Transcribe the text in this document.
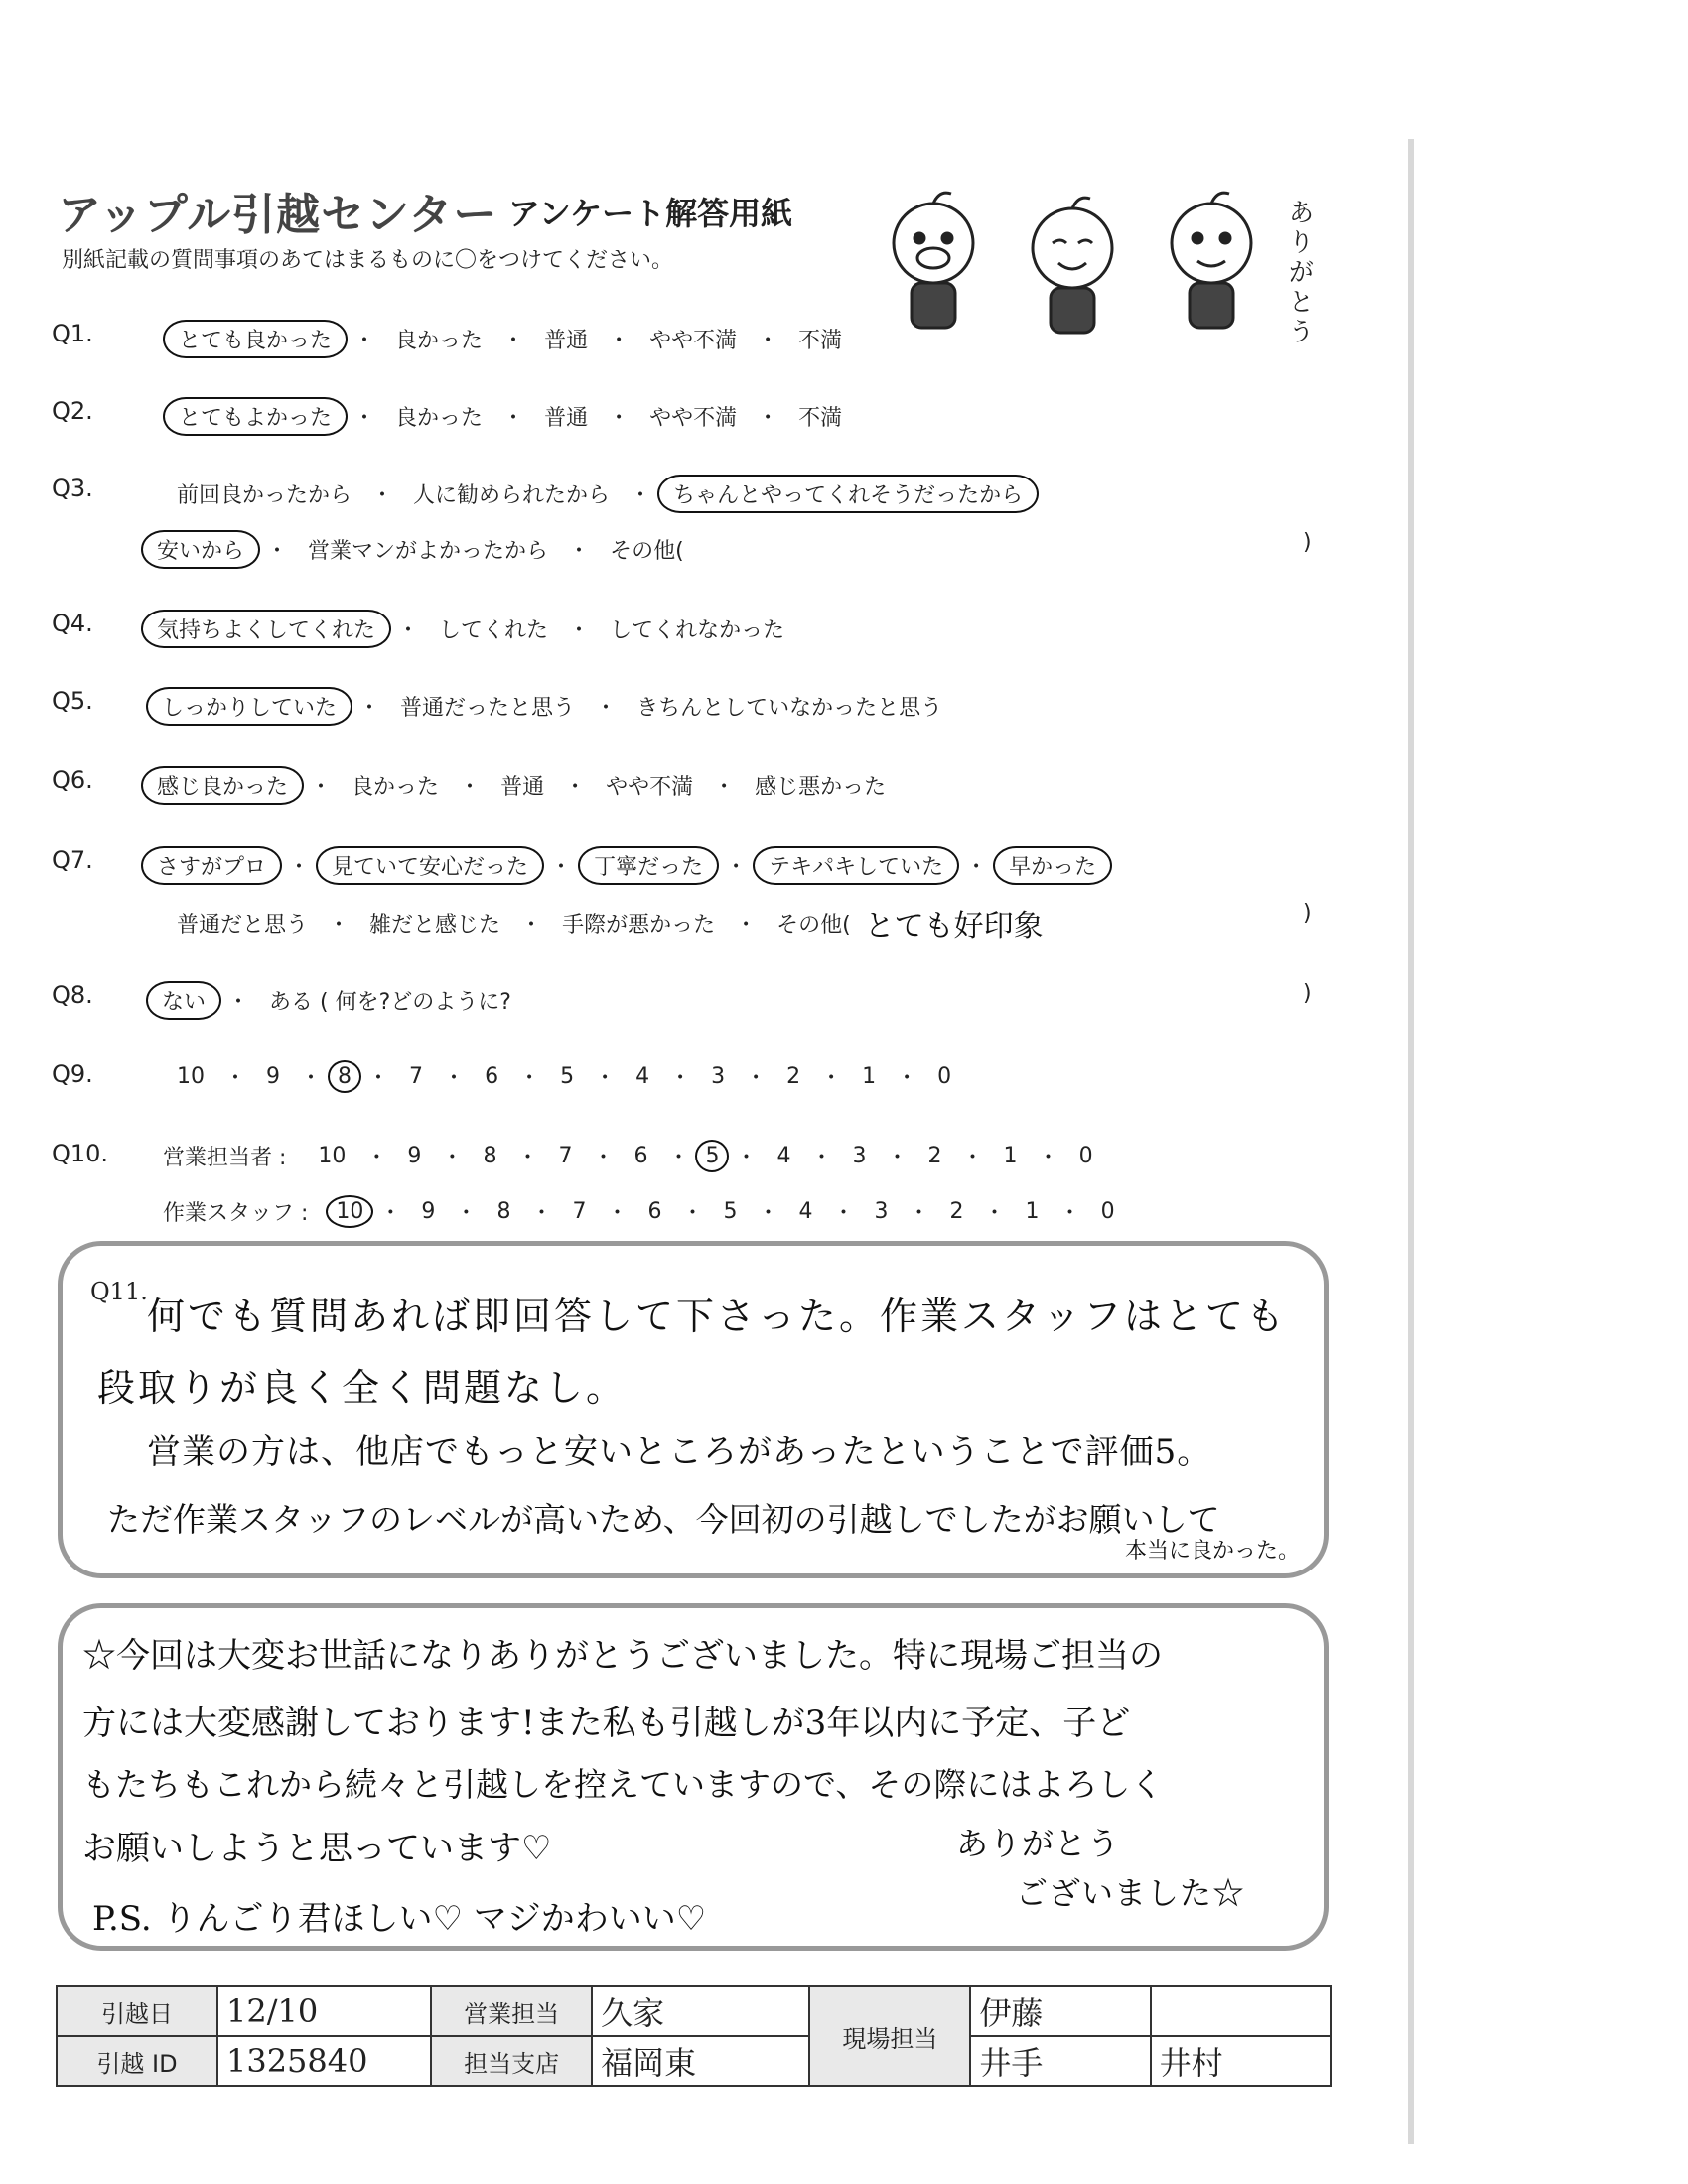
アップル引越センター アンケート解答用紙
別紙記載の質問事項のあてはまるものに〇をつけてください。	ありがとう
Q1.	とても良かった	・ 良かった ・ 普通 ・ やや不満 ・ 不満
Q2.	とてもよかった	・ 良かった ・ 普通 ・ やや不満 ・ 不満
Q3.	前回良かったから ・ 人に勧められたから ・	ちゃんとやってくれそうだったから
安いから	・ 営業マンがよかったから ・ その他(	)
Q4.	気持ちよくしてくれた	・ してくれた ・ してくれなかった
Q5.	しっかりしていた	・ 普通だったと思う ・ きちんとしていなかったと思う
Q6.	感じ良かった	・ 良かった ・ 普通 ・ やや不満 ・ 感じ悪かった
Q7.	さすがプロ	・	見ていて安心だった	・	丁寧だった	・	テキパキしていた	・	早かった
普通だと思う ・ 雑だと感じた ・ 手際が悪かった ・ その他( とても好印象	)
Q8.	ない	・ ある ( 何を?どのように?	)
Q9.	10 ・ 9 ・ 8 ・ 7 ・ 6 ・ 5 ・ 4 ・ 3 ・ 2 ・ 1 ・ 0
Q10.	営業担当者 :	10 ・ 9 ・ 8 ・ 7 ・ 6 ・ 5 ・ 4 ・ 3 ・ 2 ・ 1 ・ 0
作業スタッフ :	10 ・ 9 ・ 8 ・ 7 ・ 6 ・ 5 ・ 4 ・ 3 ・ 2 ・ 1 ・ 0
Q11.
何でも質問あれば即回答して下さった。作業スタッフはとても
段取りが良く全く問題なし。
営業の方は、他店でもっと安いところがあったということで評価5。
ただ作業スタッフのレベルが高いため、今回初の引越しでしたがお願いして
本当に良かった。
☆今回は大変お世話になりありがとうございました。特に現場ご担当の
方には大変感謝しております!また私も引越しが3年以内に予定、子ど
もたちもこれから続々と引越しを控えていますので、その際にはよろしく
お願いしようと思っています♡
P.S. りんごり君ほしい♡ マジかわいい♡
ありがとう
ございました☆
引越日	12/10	営業担当	久家	現場担当	伊藤	
引越 ID	1325840	担当支店	福岡東		井手	井村
